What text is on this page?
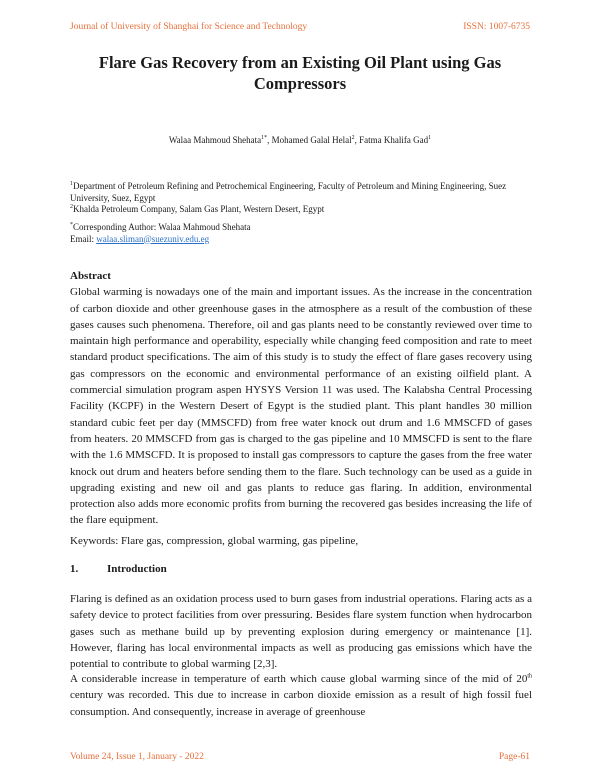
Journal of University of Shanghai for Science and Technology	ISSN: 1007-6735
Flare Gas Recovery from an Existing Oil Plant using Gas Compressors
Walaa Mahmoud Shehata$^{1*}$, Mohamed Galal Helal$^2$, Fatma Khalifa Gad$^1$
$^1$Department of Petroleum Refining and Petrochemical Engineering, Faculty of Petroleum and Mining Engineering, Suez University, Suez, Egypt
$^2$Khalda Petroleum Company, Salam Gas Plant, Western Desert, Egypt
*Corresponding Author: Walaa Mahmoud Shehata
Email: walaa.sliman@suezuniv.edu.eg
Abstract
Global warming is nowadays one of the main and important issues. As the increase in the concentration of carbon dioxide and other greenhouse gases in the atmosphere as a result of the combustion of these gases causes such phenomena. Therefore, oil and gas plants need to be constantly reviewed over time to maintain high performance and operability, especially while changing feed composition and rate to meet standard product specifications. The aim of this study is to study the effect of flare gases recovery using gas compressors on the economic and environmental performance of an existing oilfield plant. A commercial simulation program aspen HYSYS Version 11 was used. The Kalabsha Central Processing Facility (KCPF) in the Western Desert of Egypt is the studied plant. This plant handles 30 million standard cubic feet per day (MMSCFD) from free water knock out drum and 1.6 MMSCFD of gases from heaters. 20 MMSCFD from gas is charged to the gas pipeline and 10 MMSCFD is sent to the flare with the 1.6 MMSCFD. It is proposed to install gas compressors to capture the gases from the free water knock out drum and heaters before sending them to the flare. Such technology can be used as a guide in upgrading existing and new oil and gas plants to reduce gas flaring. In addition, environmental protection also adds more economic profits from burning the recovered gas besides increasing the life of the flare equipment.
Keywords: Flare gas, compression, global warming, gas pipeline,
1.	Introduction
Flaring is defined as an oxidation process used to burn gases from industrial operations. Flaring acts as a safety device to protect facilities from over pressuring. Besides flare system function when hydrocarbon gases such as methane build up by preventing explosion during emergency or maintenance [1]. However, flaring has local environmental impacts as well as producing gas emissions which have the potential to contribute to global warming [2,3].
A considerable increase in temperature of earth which cause global warming since of the mid of 20th century was recorded. This due to increase in carbon dioxide emission as a result of high fossil fuel consumption. And consequently, increase in average of greenhouse
Volume 24, Issue 1, January - 2022	Page-61
